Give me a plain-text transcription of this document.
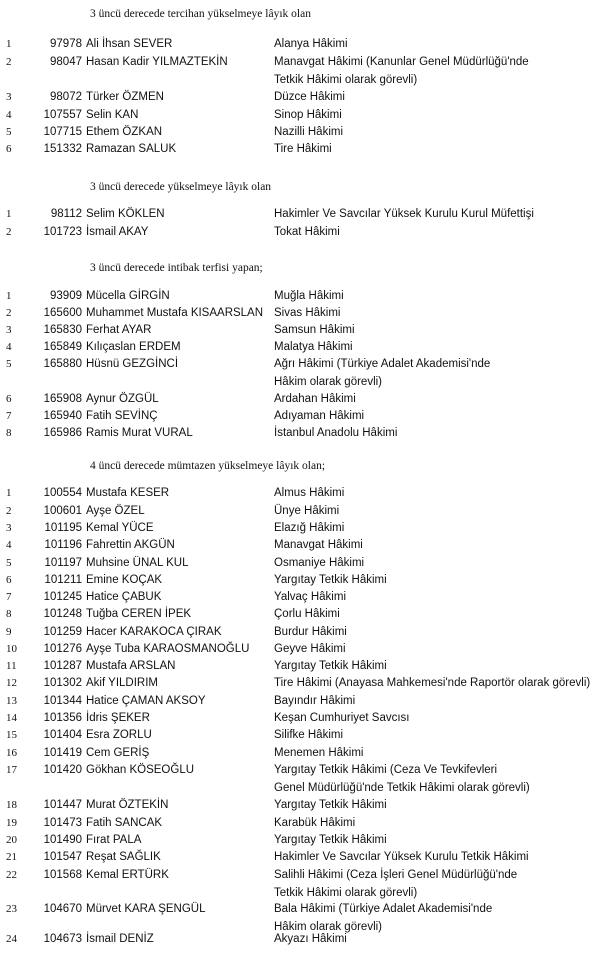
3 üncü derecede tercihan yükselmeye lâyık olan
1	97978 Ali İhsan SEVER	Alanya Hâkimi
2	98047 Hasan Kadir YILMAZTEKİN	Manavgat Hâkimi (Kanunlar Genel Müdürlüğü'nde
Tetkik Hâkimi olarak görevli)
3	98072 Türker ÖZMEN	Düzce Hâkimi
4	107557 Selin KAN	Sinop Hâkimi
5	107715 Ethem ÖZKAN	Nazilli Hâkimi
6	151332 Ramazan SALUK	Tire Hâkimi
3 üncü derecede yükselmeye lâyık olan
1	98112 Selim KÖKLEN	Hakimler Ve Savcılar Yüksek Kurulu Kurul Müfettişi
2	101723 İsmail AKAY	Tokat Hâkimi
3 üncü derecede intibak terfisi yapan;
1	93909 Mücella GİRGİN	Muğla Hâkimi
2	165600 Muhammet Mustafa KISAARSLAN Sivas Hâkimi
3	165830 Ferhat AYAR	Samsun Hâkimi
4	165849 Kılıçaslan ERDEM	Malatya Hâkimi
5	165880 Hüsnü GEZGİNCİ	Ağrı Hâkimi (Türkiye Adalet Akademisi'nde
Hâkim olarak görevli)
6	165908 Aynur ÖZGÜL	Ardahan Hâkimi
7	165940 Fatih SEVİNÇ	Adıyaman Hâkimi
8	165986 Ramis Murat VURAL	İstanbul Anadolu Hâkimi
4 üncü derecede mümtazen yükselmeye lâyık olan;
1	100554 Mustafa KESER	Almus Hâkimi
2	100601 Ayşe ÖZEL	Ünye Hâkimi
3	101195 Kemal YÜCE	Elazığ Hâkimi
4	101196 Fahrettin AKGÜN	Manavgat Hâkimi
5	101197 Muhsine ÜNAL KUL	Osmaniye Hâkimi
6	101211 Emine KOÇAK	Yargıtay Tetkik Hâkimi
7	101245 Hatice ÇABUK	Yalvaç Hâkimi
8	101248 Tuğba CEREN İPEK	Çorlu Hâkimi
9	101259 Hacer KARAKOCA ÇIRAK	Burdur Hâkimi
10	101276 Ayşe Tuba KARAOSMANOĞLU Geyve Hâkimi
11	101287 Mustafa ARSLAN	Yargıtay Tetkik Hâkimi
12	101302 Akif YILDIRIM	Tire Hâkimi (Anayasa Mahkemesi'nde Raportör olarak görevli)
13	101344 Hatice ÇAMAN AKSOY	Bayındır Hâkimi
14	101356 İdris ŞEKER	Keşan Cumhuriyet Savcısı
15	101404 Esra ZORLU	Silifke Hâkimi
16	101419 Cem GERİŞ	Menemen Hâkimi
17	101420 Gökhan KÖSEOĞLU	Yargıtay Tetkik Hâkimi (Ceza Ve Tevkifevleri
Genel Müdürlüğü'nde Tetkik Hâkimi olarak görevli)
18	101447 Murat ÖZTEKİN	Yargıtay Tetkik Hâkimi
19	101473 Fatih SANCAK	Karabük Hâkimi
20	101490 Fırat PALA	Yargıtay Tetkik Hâkimi
21	101547 Reşat SAĞLIK	Hakimler Ve Savcılar Yüksek Kurulu Tetkik Hâkimi
22	101568 Kemal ERTÜRK	Salihli Hâkimi (Ceza İşleri Genel Müdürlüğü'nde
Tetkik Hâkimi olarak görevli)
23	104670 Mürvet KARA ŞENGÜL	Bala Hâkimi (Türkiye Adalet Akademisi'nde
Hâkim olarak görevli)
24	104673 İsmail DENİZ	Akyazı Hâkimi
